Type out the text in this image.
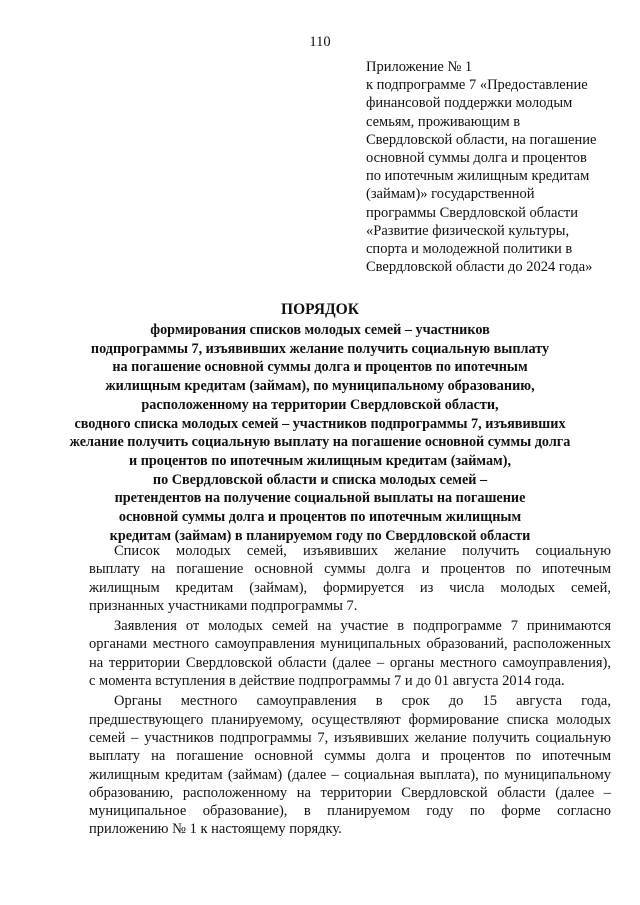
110
Приложение № 1
к подпрограмме 7 «Предоставление
финансовой поддержки молодым
семьям, проживающим в
Свердловской области, на погашение
основной суммы долга и процентов
по ипотечным жилищным кредитам
(займам)» государственной
программы Свердловской области
«Развитие физической культуры,
спорта и молодежной политики в
Свердловской области до 2024 года»
ПОРЯДОК
формирования списков молодых семей – участников
подпрограммы 7, изъявивших желание получить социальную выплату
на погашение основной суммы долга и процентов по ипотечным
жилищным кредитам (займам), по муниципальному образованию,
расположенному на территории Свердловской области,
сводного списка молодых семей – участников подпрограммы 7, изъявивших
желание получить социальную выплату на погашение основной суммы долга
и процентов по ипотечным жилищным кредитам (займам),
по Свердловской области и списка молодых семей –
претендентов на получение социальной выплаты на погашение
основной суммы долга и процентов по ипотечным жилищным
кредитам (займам) в планируемом году по Свердловской области
Список молодых семей, изъявивших желание получить социальную
выплату на погашение основной суммы долга и процентов по ипотечным
жилищным кредитам (займам), формируется из числа молодых семей,
признанных участниками подпрограммы 7.
Заявления от молодых семей на участие в подпрограмме 7 принимаются
органами местного самоуправления муниципальных образований, расположенных
на территории Свердловской области (далее – органы местного самоуправления),
с момента вступления в действие подпрограммы 7 и до 01 августа 2014 года.
Органы местного самоуправления в срок до 15 августа года,
предшествующего планируемому, осуществляют формирование списка молодых
семей – участников подпрограммы 7, изъявивших желание получить социальную
выплату на погашение основной суммы долга и процентов по ипотечным
жилищным кредитам (займам) (далее – социальная выплата), по муниципальному
образованию, расположенному на территории Свердловской области (далее –
муниципальное образование), в планируемом году по форме согласно
приложению № 1 к настоящему порядку.
